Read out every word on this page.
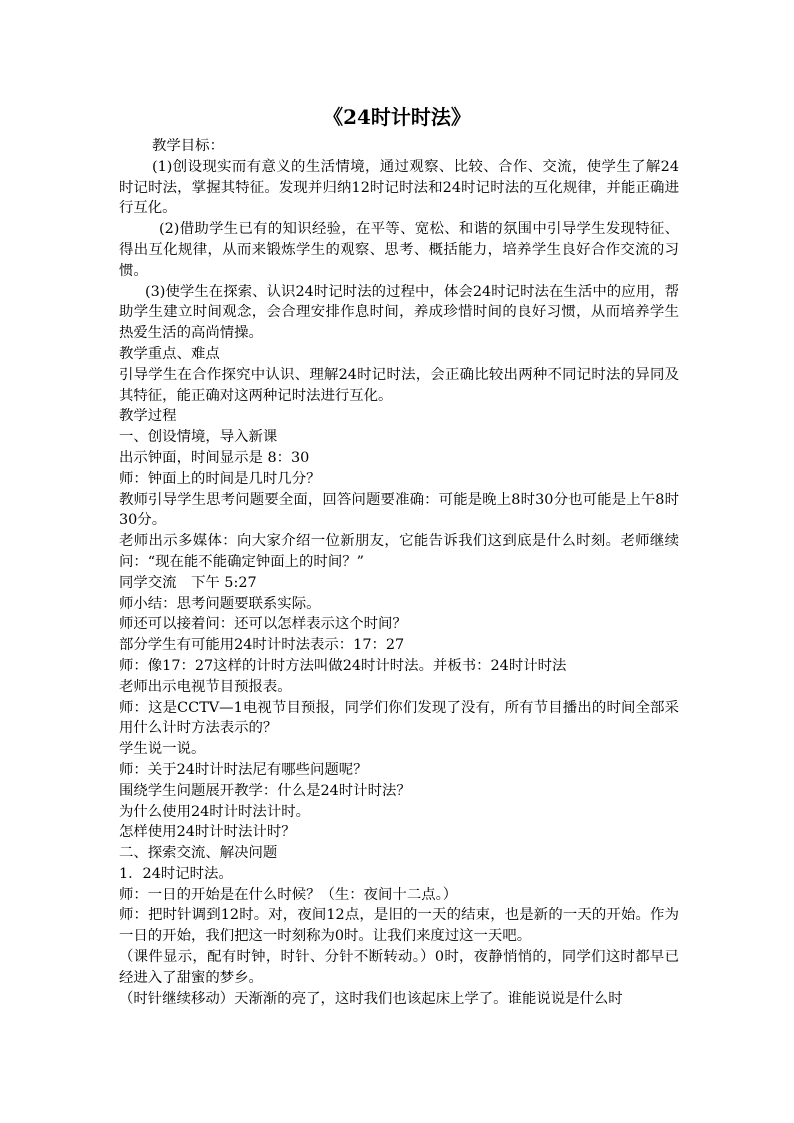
《24时计时法》

教学目标：

(1)创设现实而有意义的生活情境，通过观察、比较、合作、交流，使学生了解24时记时法，掌握其特征。发现并归纳12时记时法和24时记时法的互化规律，并能正确进行互化。

(2)借助学生已有的知识经验，在平等、宽松、和谐的氛围中引导学生发现特征、得出互化规律，从而来锻炼学生的观察、思考、概括能力，培养学生良好合作交流的习惯。

(3)使学生在探索、认识24时记时法的过程中，体会24时记时法在生活中的应用，帮助学生建立时间观念，会合理安排作息时间，养成珍惜时间的良好习惯，从而培养学生热爱生活的高尚情操。

教学重点、难点

引导学生在合作探究中认识、理解24时记时法，会正确比较出两种不同记时法的异同及其特征，能正确对这两种记时法进行互化。

教学过程

一、创设情境，导入新课

出示钟面，时间显示是 8：30

师：钟面上的时间是几时几分？

教师引导学生思考问题要全面，回答问题要准确：可能是晚上8时30分也可能是上午8时30分。

老师出示多媒体：向大家介绍一位新朋友，它能告诉我们这到底是什么时刻。老师继续问：“现在能不能确定钟面上的时间？”

同学交流　下午 5:27

师小结：思考问题要联系实际。

师还可以接着问：还可以怎样表示这个时间？

部分学生有可能用24时计时法表示：17：27

师：像17：27这样的计时方法叫做24时计时法。并板书：24时计时法

老师出示电视节目预报表。

师：这是CCTV—1电视节目预报，同学们你们发现了没有，所有节目播出的时间全部采用什么计时方法表示的？

学生说一说。

师：关于24时计时法尼有哪些问题呢？

围绕学生问题展开教学：什么是24时计时法？

为什么使用24时计时法计时。

怎样使用24时计时法计时？

二、探索交流、解决问题

1．24时记时法。

师：一日的开始是在什么时候？（生：夜间十二点。）

师：把时针调到12时。对，夜间12点，是旧的一天的结束，也是新的一天的开始。作为一日的开始，我们把这一时刻称为0时。让我们来度过这一天吧。

（课件显示，配有时钟，时针、分针不断转动。）0时，夜静悄悄的，同学们这时都早已经进入了甜蜜的梦乡。

（时针继续移动）天渐渐的亮了，这时我们也该起床上学了。谁能说说是什么时
